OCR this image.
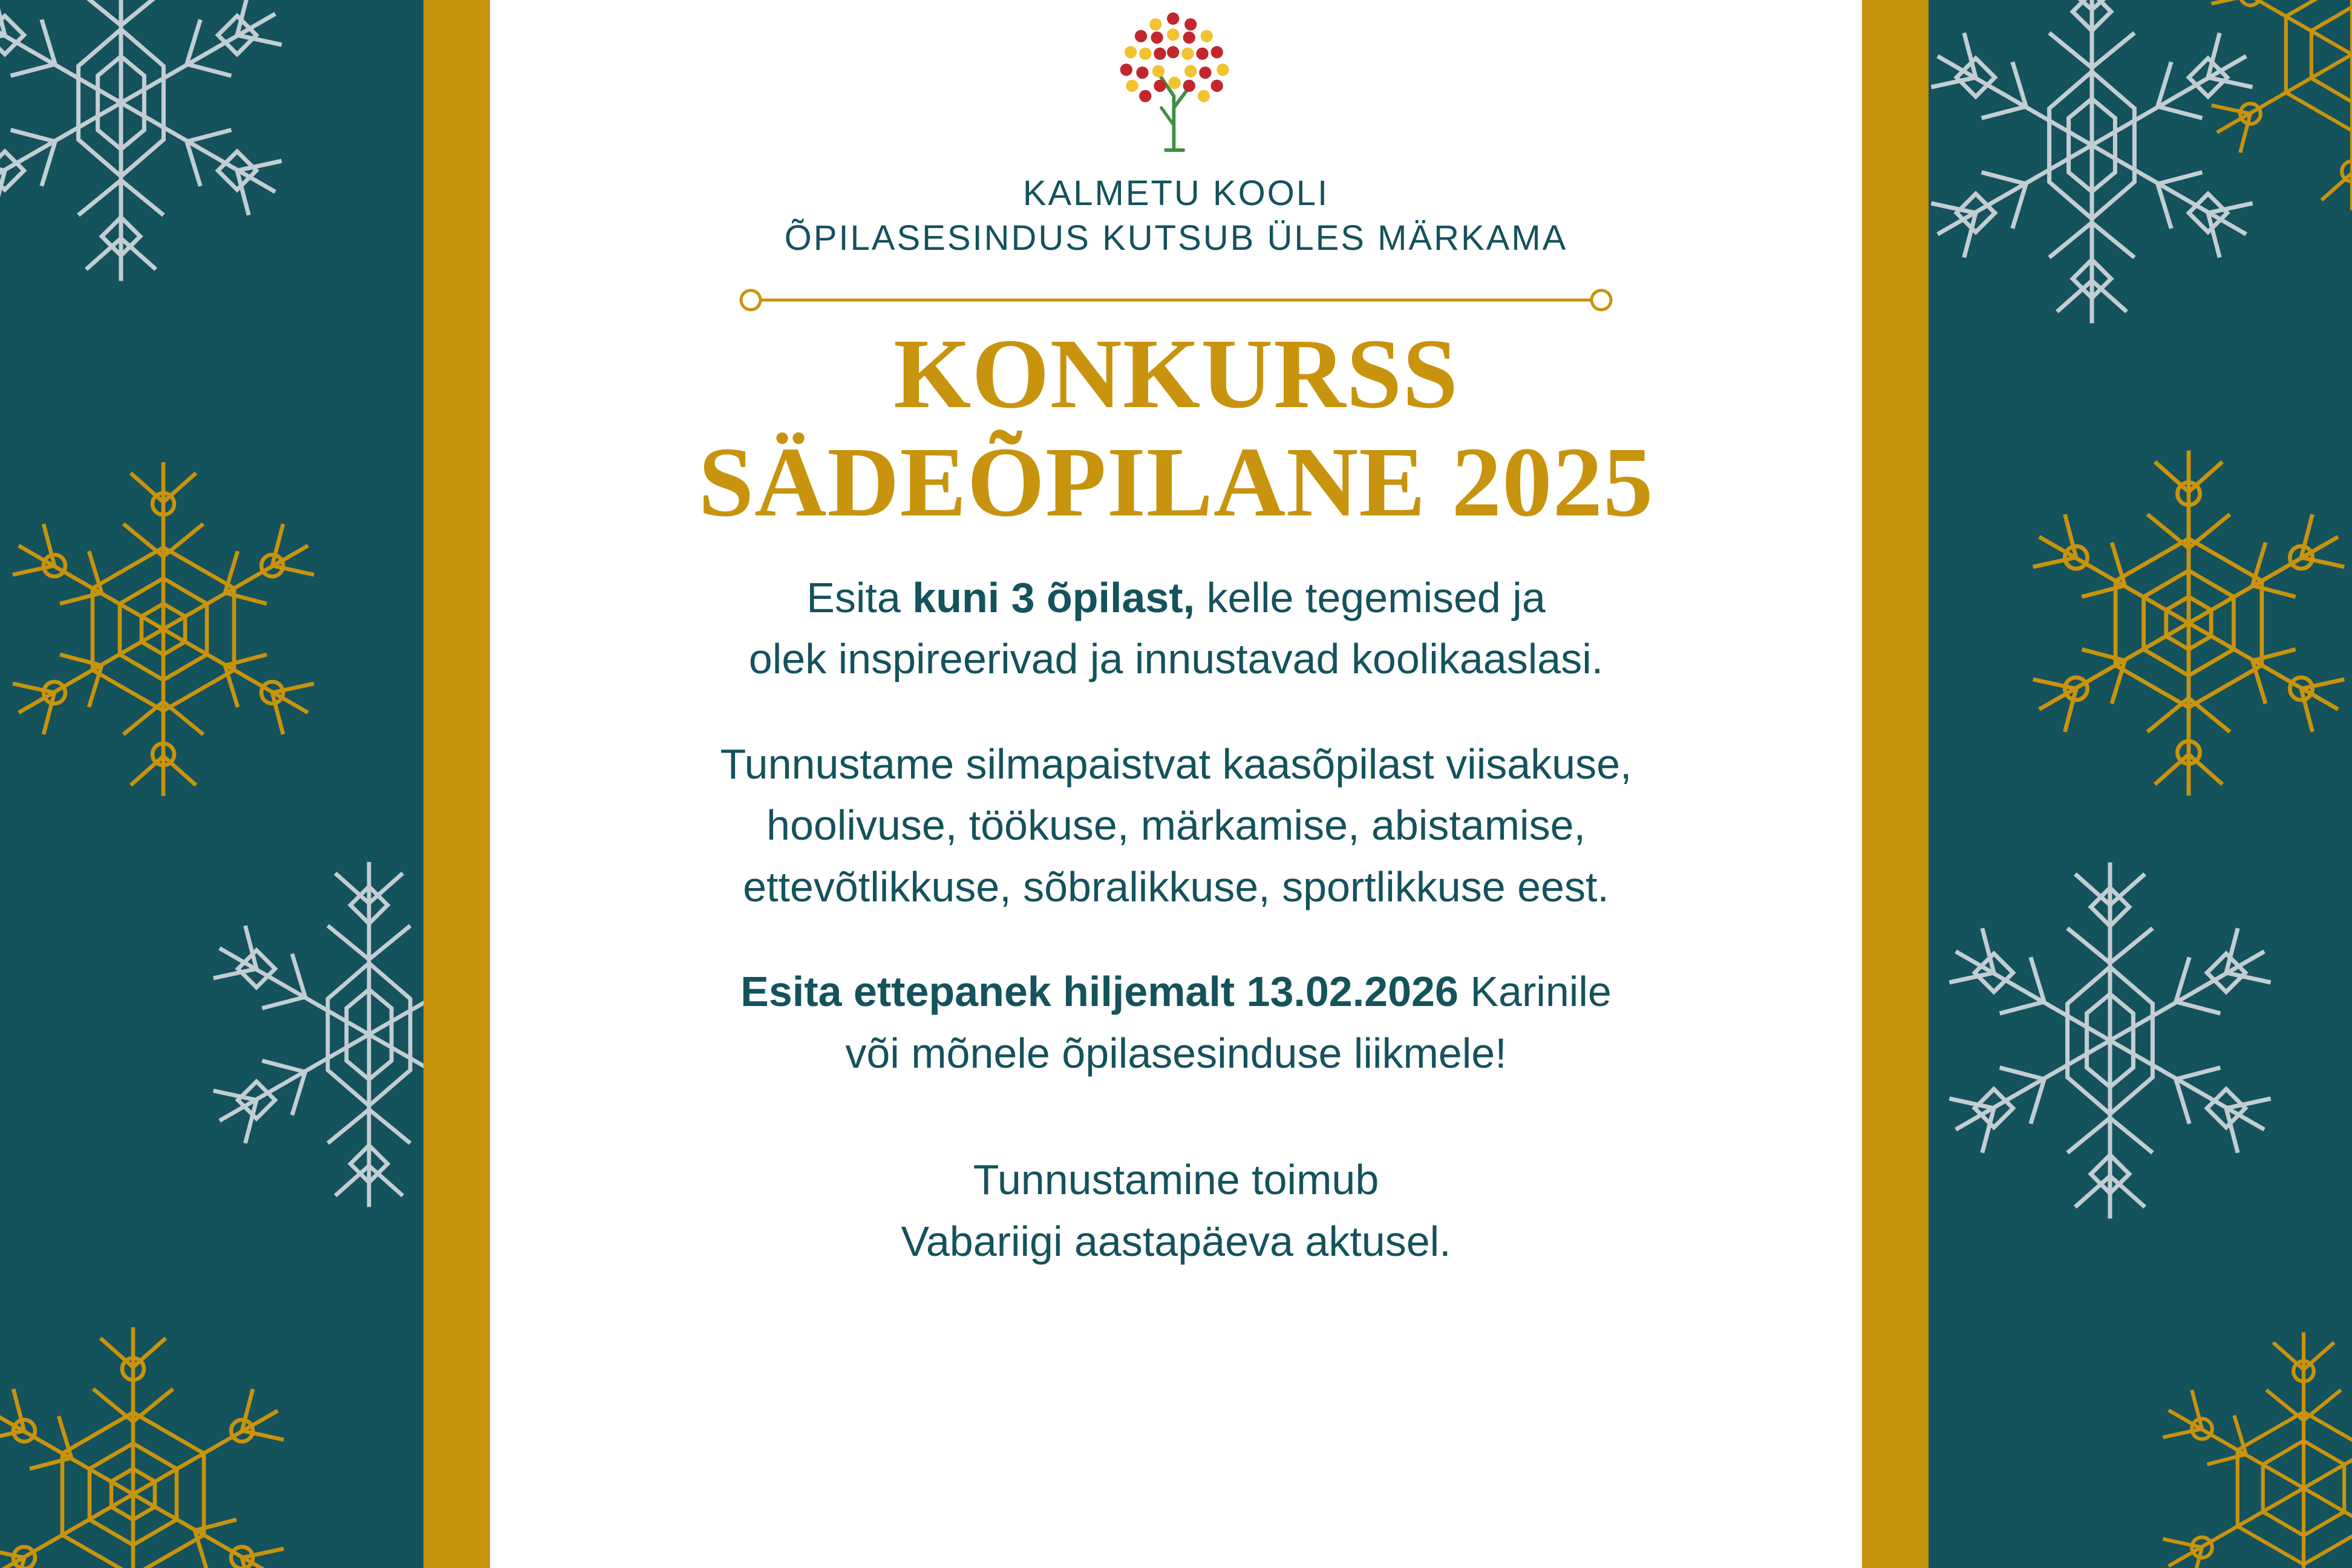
KALMETU KOOLI
ÕPILASESINDUS KUTSUB ÜLES MÄRKAMA
KONKURSS
SÄDEÕPILANE 2025
Esita kuni 3 õpilast, kelle tegemised ja
olek inspireerivad ja innustavad koolikaaslasi.
Tunnustame silmapaistvat kaasõpilast viisakuse,
hoolivuse, töökuse, märkamise, abistamise,
ettevõtlikkuse, sõbralikkuse, sportlikkuse eest.
Esita ettepanek hiljemalt 13.02.2026 Karinile
või mõnele õpilasesinduse liikmele!
Tunnustamine toimub
Vabariigi aastapäeva aktusel.
